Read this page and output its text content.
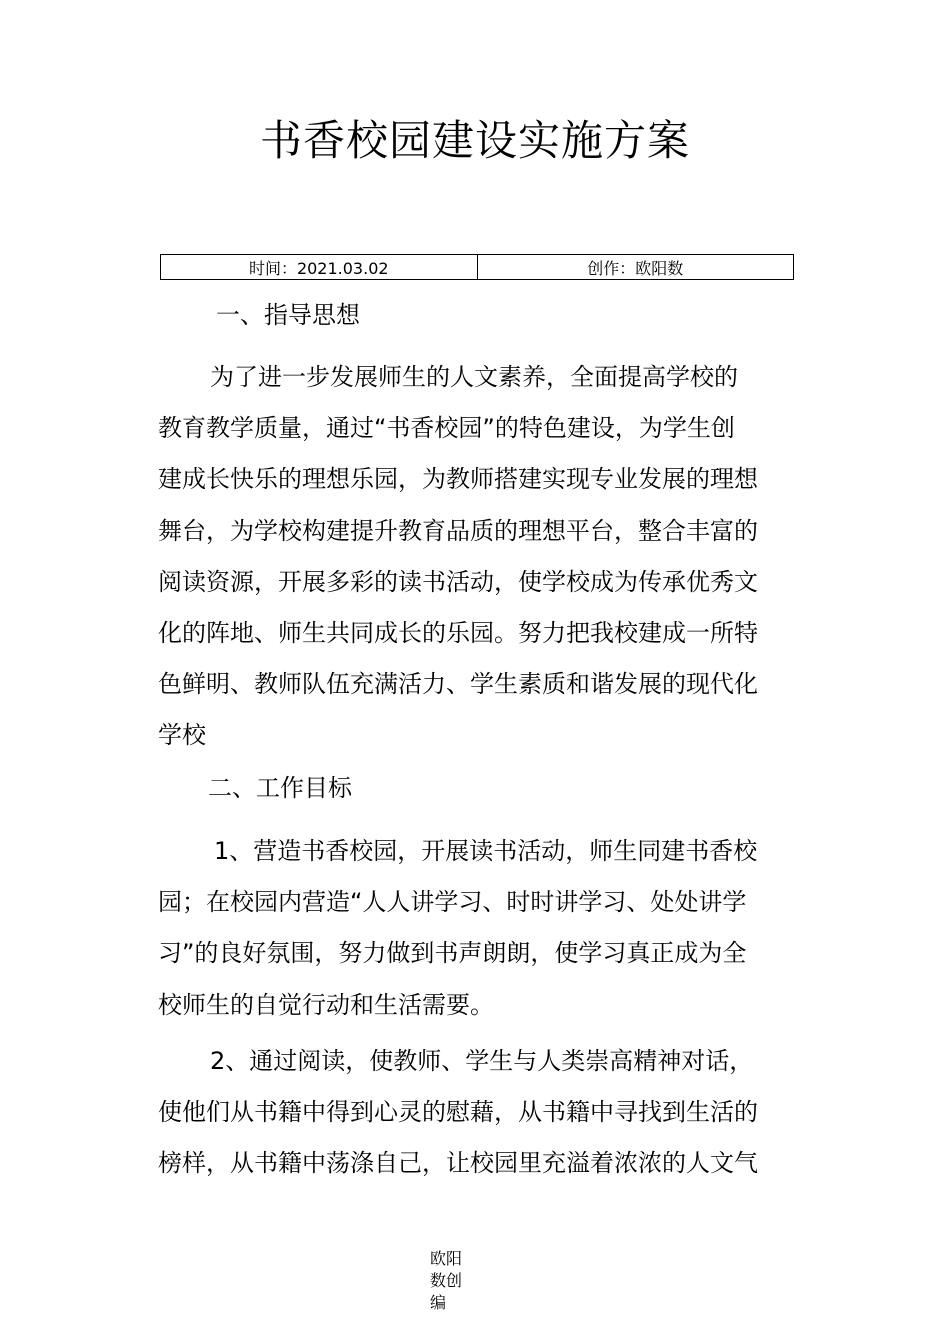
书香校园建设实施方案
时间：2021.03.02	创作：欧阳数
一、指导思想
为了进一步发展师生的人文素养，全面提高学校的
教育教学质量，通过“书香校园”的特色建设，为学生创
建成长快乐的理想乐园，为教师搭建实现专业发展的理想
舞台，为学校构建提升教育品质的理想平台，整合丰富的
阅读资源，开展多彩的读书活动，使学校成为传承优秀文
化的阵地、师生共同成长的乐园。努力把我校建成一所特
色鲜明、教师队伍充满活力、学生素质和谐发展的现代化
学校
二、工作目标
1、营造书香校园，开展读书活动，师生同建书香校
园；在校园内营造“人人讲学习、时时讲学习、处处讲学
习”的良好氛围，努力做到书声朗朗，使学习真正成为全
校师生的自觉行动和生活需要。
2、通过阅读，使教师、学生与人类崇高精神对话，
使他们从书籍中得到心灵的慰藉，从书籍中寻找到生活的
榜样，从书籍中荡涤自己，让校园里充溢着浓浓的人文气
欧阳
数创
编
